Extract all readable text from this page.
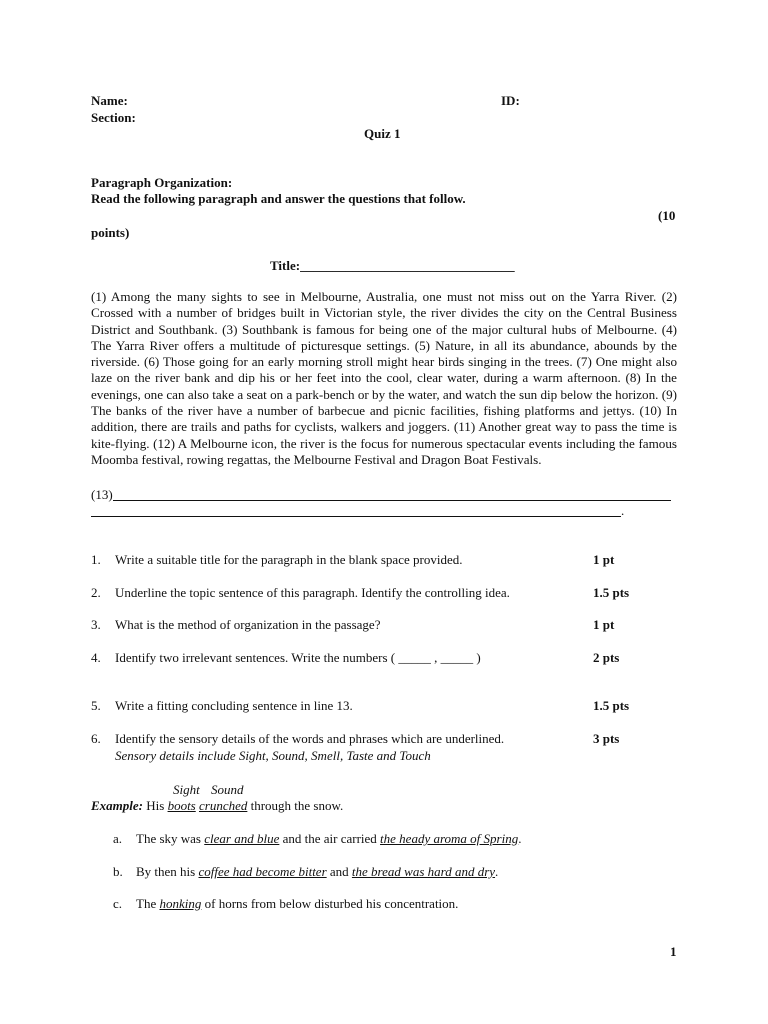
Name:	ID:
Section:
Quiz 1
Paragraph Organization:
Read the following paragraph and answer the questions that follow.
(10
points)
Title:_________________________________
(1) Among the many sights to see in Melbourne, Australia, one must not miss out on the Yarra River. (2) Crossed with a number of bridges built in Victorian style, the river divides the city on the Central Business District and Southbank. (3) Southbank is famous for being one of the major cultural hubs of Melbourne. (4) The Yarra River offers a multitude of picturesque settings. (5) Nature, in all its abundance, abounds by the riverside. (6) Those going for an early morning stroll might hear birds singing in the trees. (7) One might also laze on the river bank and dip his or her feet into the cool, clear water, during a warm afternoon. (8) In the evenings, one can also take a seat on a park-bench or by the water, and watch the sun dip below the horizon. (9) The banks of the river have a number of barbecue and picnic facilities, fishing platforms and jettys. (10) In addition, there are trails and paths for cyclists, walkers and joggers. (11) Another great way to pass the time is kite-flying. (12) A Melbourne icon, the river is the focus for numerous spectacular events including the famous Moomba festival, rowing regattas, the Melbourne Festival and Dragon Boat Festivals.
(13)
.
1. Write a suitable title for the paragraph in the blank space provided.	1 pt
2. Underline the topic sentence of this paragraph. Identify the controlling idea.	1.5 pts
3. What is the method of organization in the passage?	1 pt
4. Identify two irrelevant sentences. Write the numbers ( _____ , _____ )	2 pts
5. Write a fitting concluding sentence in line 13.	1.5 pts
6. Identify the sensory details of the words and phrases which are underlined.	3 pts
Sensory details include Sight, Sound, Smell, Taste and Touch
Sight Sound
Example: His boots crunched through the snow.
a. The sky was clear and blue and the air carried the heady aroma of Spring.
b. By then his coffee had become bitter and the bread was hard and dry.
c. The honking of horns from below disturbed his concentration.
1
